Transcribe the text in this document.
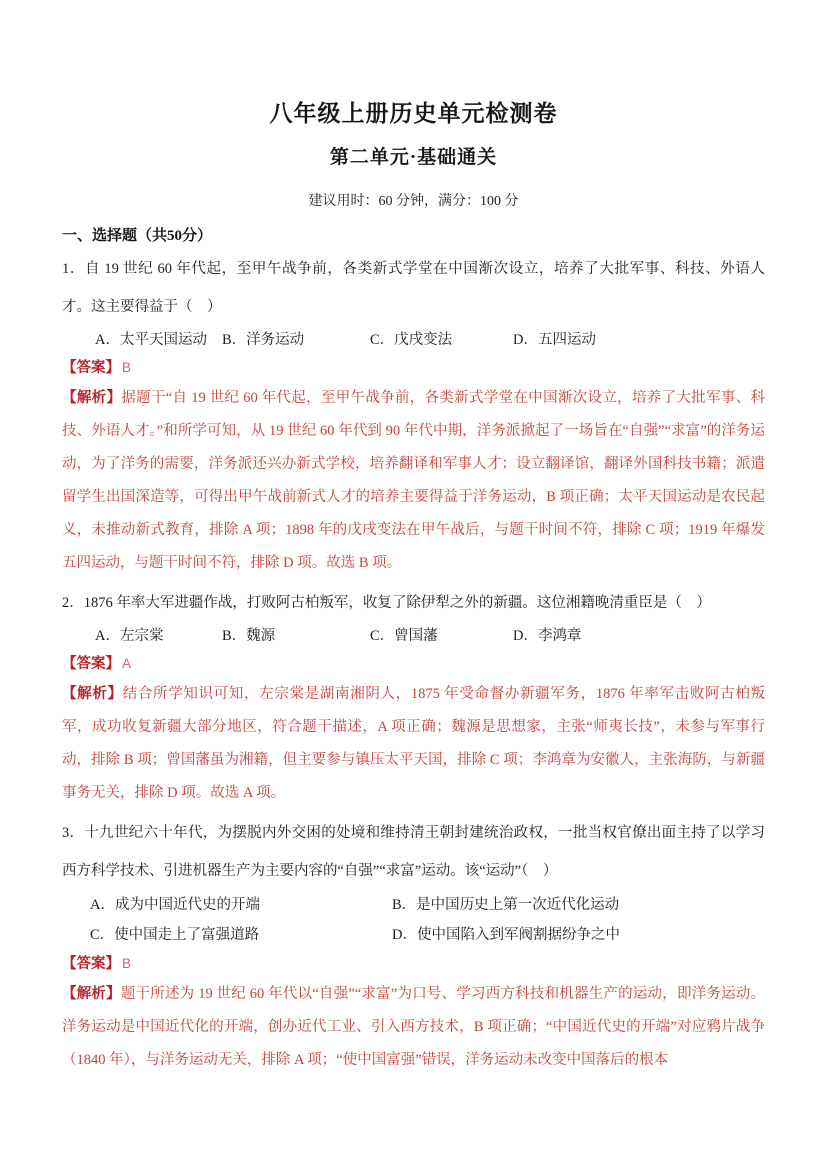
八年级上册历史单元检测卷
第二单元·基础通关
建议用时：60 分钟，满分：100 分
一、选择题（共50分）

1．自 19 世纪 60 年代起，至甲午战争前，各类新式学堂在中国渐次设立，培养了大批军事、科技、外语人才。这主要得益于（　）

A．太平天国运动	B．洋务运动	C．戊戌变法	D．五四运动
【答案】 B

【解析】据题干“自 19 世纪 60 年代起，至甲午战争前，各类新式学堂在中国渐次设立，培养了大批军事、科技、外语人才。”和所学可知，从 19 世纪 60 年代到 90 年代中期，洋务派掀起了一场旨在“自强”“求富”的洋务运动，为了洋务的需要，洋务派还兴办新式学校，培养翻译和军事人才；设立翻译馆，翻译外国科技书籍；派遣留学生出国深造等，可得出甲午战前新式人才的培养主要得益于洋务运动，B 项正确；太平天国运动是农民起义，未推动新式教育，排除 A 项；1898 年的戊戌变法在甲午战后，与题干时间不符，排除 C 项；1919 年爆发五四运动，与题干时间不符，排除 D 项。故选 B 项。

2．1876 年率大军进疆作战，打败阿古柏叛军，收复了除伊犁之外的新疆。这位湘籍晚清重臣是（　）

A．左宗棠	B．魏源	C．曾国藩	D．李鸿章
【答案】 A

【解析】结合所学知识可知，左宗棠是湖南湘阴人，1875 年受命督办新疆军务，1876 年率军击败阿古柏叛军，成功收复新疆大部分地区，符合题干描述，A 项正确；魏源是思想家，主张“师夷长技”，未参与军事行动，排除 B 项；曾国藩虽为湘籍，但主要参与镇压太平天国，排除 C 项；李鸿章为安徽人，主张海防，与新疆事务无关，排除 D 项。故选 A 项。

3．十九世纪六十年代，为摆脱内外交困的处境和维持清王朝封建统治政权，一批当权官僚出面主持了以学习西方科学技术、引进机器生产为主要内容的“自强”“求富”运动。该“运动”（　）

A．成为中国近代史的开端	B．是中国历史上第一次近代化运动
C．使中国走上了富强道路	D．使中国陷入到军阀割据纷争之中
【答案】 B

【解析】题干所述为 19 世纪 60 年代以“自强”“求富”为口号、学习西方科技和机器生产的运动，即洋务运动。洋务运动是中国近代化的开端，创办近代工业、引入西方技术，B 项正确；“中国近代史的开端”对应鸦片战争（1840 年），与洋务运动无关，排除 A 项；“使中国富强”错误，洋务运动未改变中国落后的根本
